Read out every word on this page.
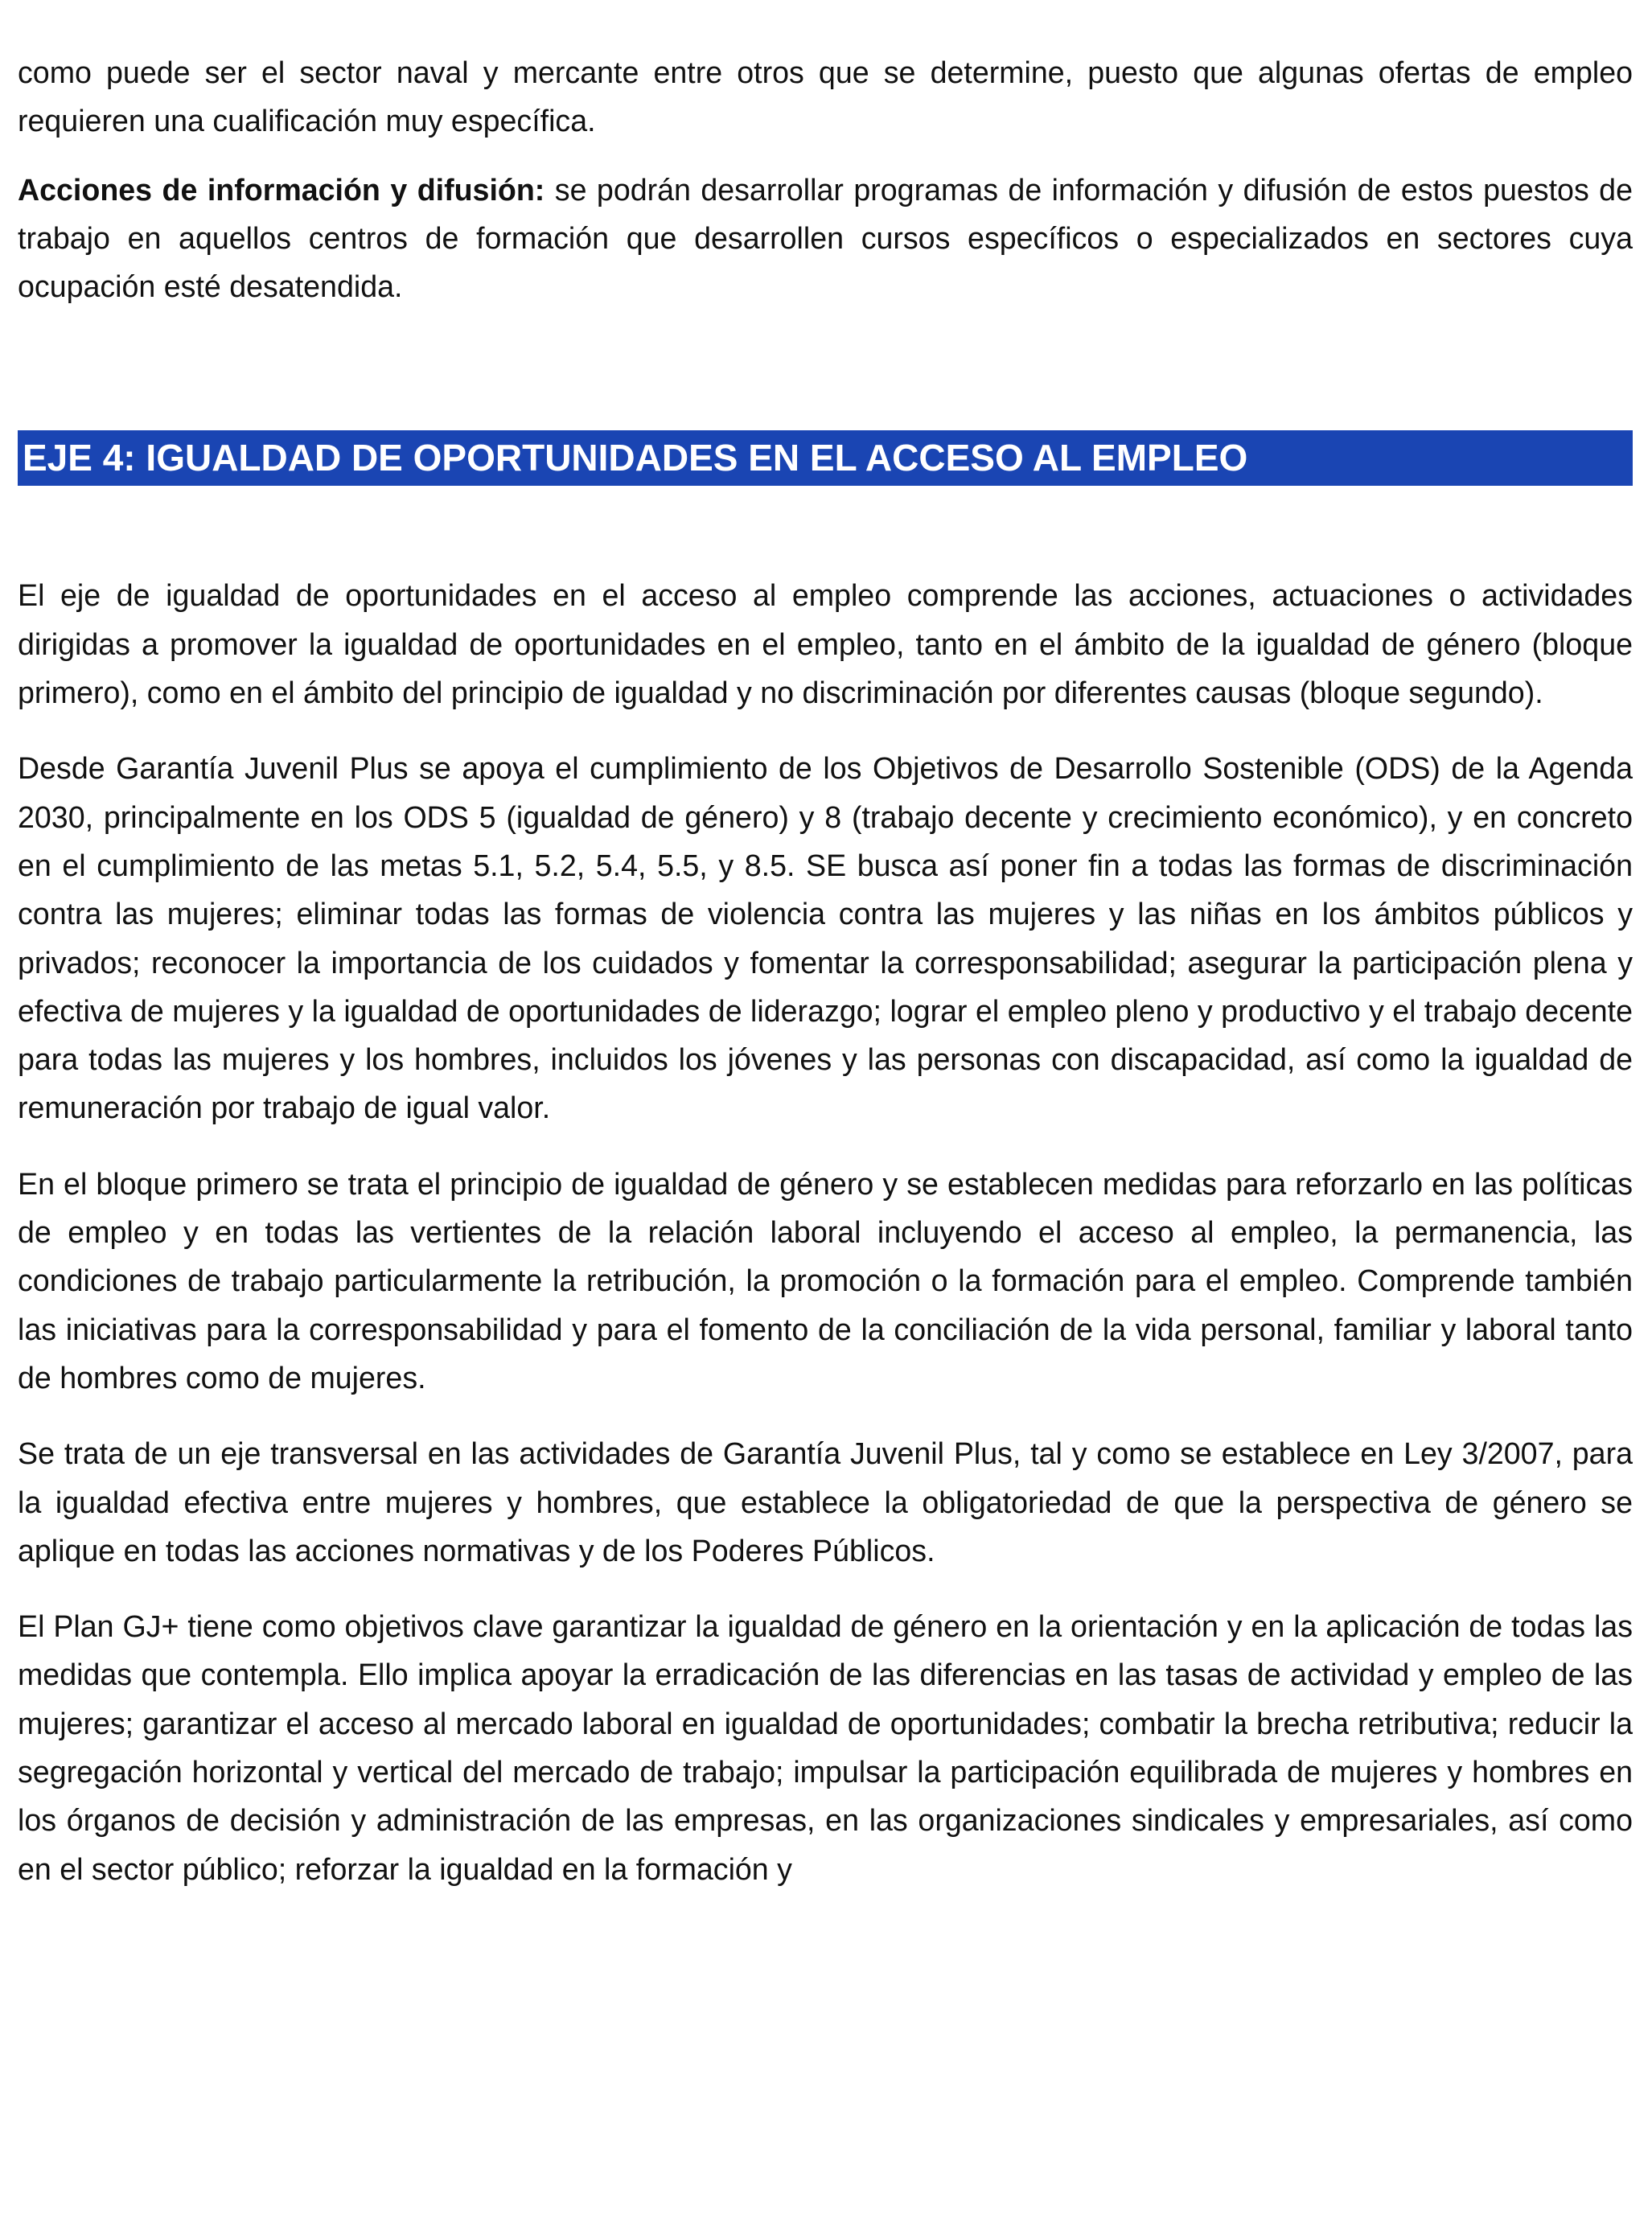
como puede ser el sector naval y mercante entre otros que se determine, puesto que algunas ofertas de empleo requieren una cualificación muy específica.

Acciones de información y difusión: se podrán desarrollar programas de información y difusión de estos puestos de trabajo en aquellos centros de formación que desarrollen cursos específicos o especializados en sectores cuya ocupación esté desatendida.

EJE 4: IGUALDAD DE OPORTUNIDADES EN EL ACCESO AL EMPLEO

El eje de igualdad de oportunidades en el acceso al empleo comprende las acciones, actuaciones o actividades dirigidas a promover la igualdad de oportunidades en el empleo, tanto en el ámbito de la igualdad de género (bloque primero), como en el ámbito del principio de igualdad y no discriminación por diferentes causas (bloque segundo).

Desde Garantía Juvenil Plus se apoya el cumplimiento de los Objetivos de Desarrollo Sostenible (ODS) de la Agenda 2030, principalmente en los ODS 5 (igualdad de género) y 8 (trabajo decente y crecimiento económico), y en concreto en el cumplimiento de las metas 5.1, 5.2, 5.4, 5.5, y 8.5. SE busca así poner fin a todas las formas de discriminación contra las mujeres; eliminar todas las formas de violencia contra las mujeres y las niñas en los ámbitos públicos y privados; reconocer la importancia de los cuidados y fomentar la corresponsabilidad; asegurar la participación plena y efectiva de mujeres y la igualdad de oportunidades de liderazgo; lograr el empleo pleno y productivo y el trabajo decente para todas las mujeres y los hombres, incluidos los jóvenes y las personas con discapacidad, así como la igualdad de remuneración por trabajo de igual valor.

En el bloque primero se trata el principio de igualdad de género y se establecen medidas para reforzarlo en las políticas de empleo y en todas las vertientes de la relación laboral incluyendo el acceso al empleo, la permanencia, las condiciones de trabajo particularmente la retribución, la promoción o la formación para el empleo. Comprende también las iniciativas para la corresponsabilidad y para el fomento de la conciliación de la vida personal, familiar y laboral tanto de hombres como de mujeres.

Se trata de un eje transversal en las actividades de Garantía Juvenil Plus, tal y como se establece en Ley 3/2007, para la igualdad efectiva entre mujeres y hombres, que establece la obligatoriedad de que la perspectiva de género se aplique en todas las acciones normativas y de los Poderes Públicos.

El Plan GJ+ tiene como objetivos clave garantizar la igualdad de género en la orientación y en la aplicación de todas las medidas que contempla. Ello implica apoyar la erradicación de las diferencias en las tasas de actividad y empleo de las mujeres; garantizar el acceso al mercado laboral en igualdad de oportunidades; combatir la brecha retributiva; reducir la segregación horizontal y vertical del mercado de trabajo; impulsar la participación equilibrada de mujeres y hombres en los órganos de decisión y administración de las empresas, en las organizaciones sindicales y empresariales, así como en el sector público; reforzar la igualdad en la formación y
